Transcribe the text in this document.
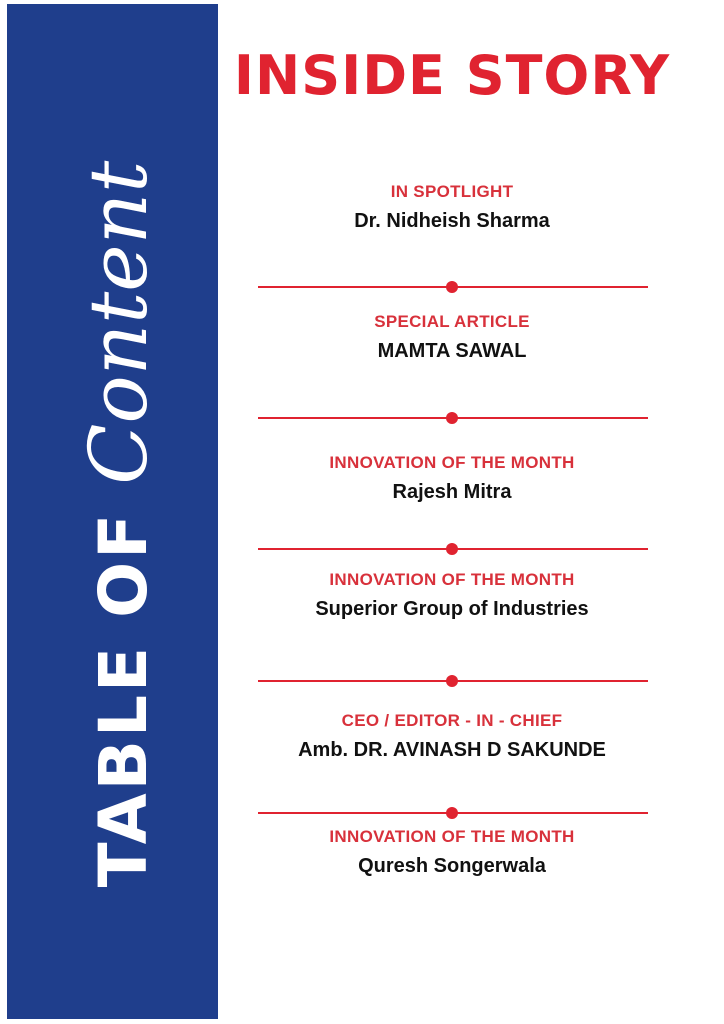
TABLE OF
Content
INSIDE STORY
IN SPOTLIGHT
Dr. Nidheish Sharma
SPECIAL ARTICLE
MAMTA SAWAL
INNOVATION OF THE MONTH
Rajesh Mitra
INNOVATION OF THE MONTH
Superior Group of Industries
CEO / EDITOR - IN - CHIEF
Amb. DR. AVINASH D SAKUNDE
INNOVATION OF THE MONTH
Quresh Songerwala
